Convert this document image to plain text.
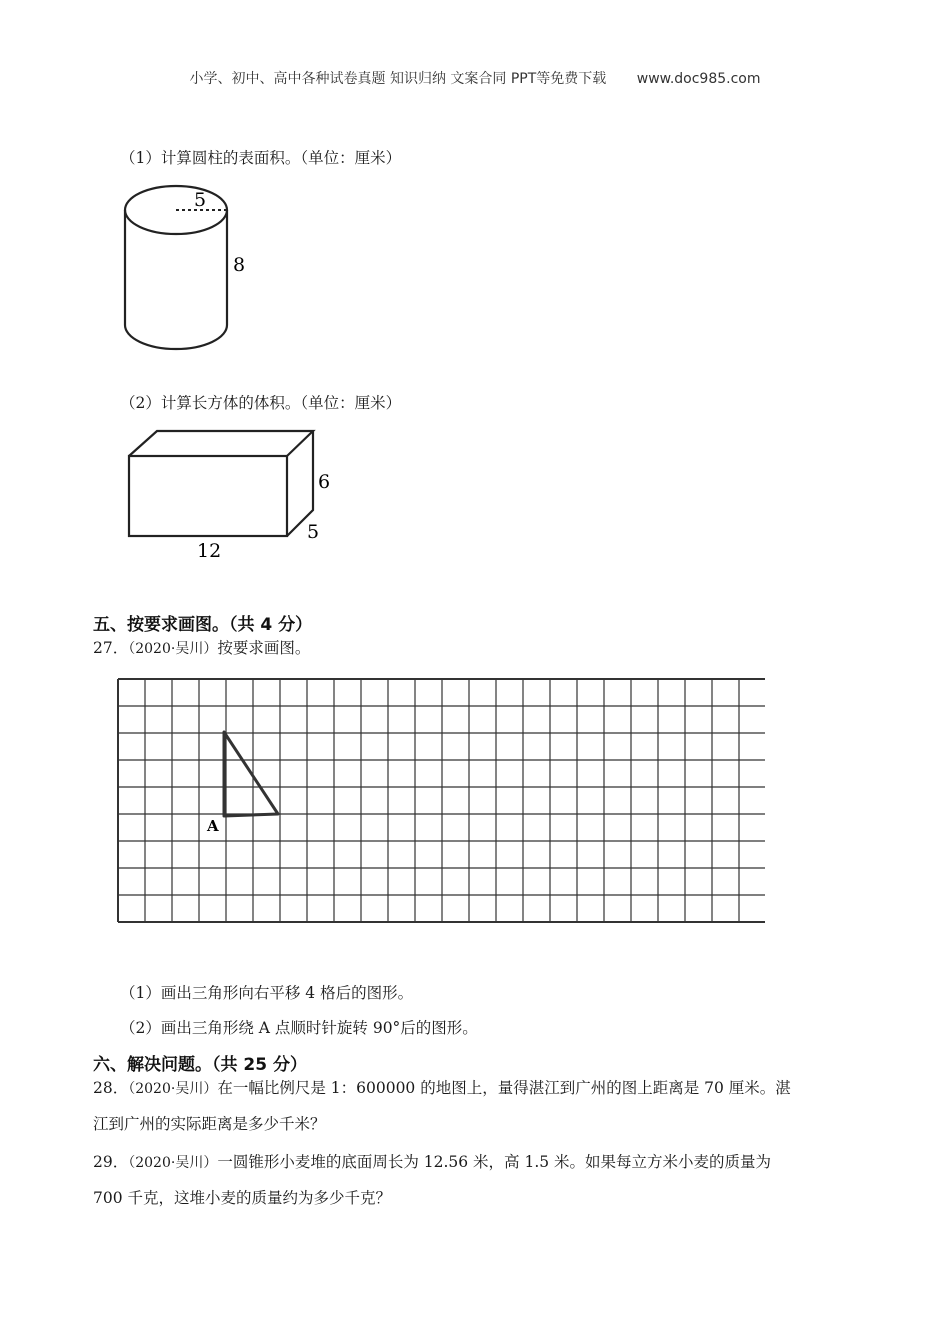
小学、初中、高中各种试卷真题 知识归纳 文案合同 PPT等免费下载 www.doc985.com
（1）计算圆柱的表面积。（单位：厘米）
5
8
（2）计算长方体的体积。（单位：厘米）
6
5
12
五、按要求画图。（共 4 分）
27．（2020·吴川）按要求画图。
A
（1）画出三角形向右平移 4 格后的图形。
（2）画出三角形绕 A 点顺时针旋转 90°后的图形。
六、解决问题。（共 25 分）
28．（2020·吴川）在一幅比例尺是 1：600000 的地图上，量得湛江到广州的图上距离是 70 厘米。湛
江到广州的实际距离是多少千米？
29．（2020·吴川）一圆锥形小麦堆的底面周长为 12.56 米，高 1.5 米。如果每立方米小麦的质量为
700 千克，这堆小麦的质量约为多少千克？
